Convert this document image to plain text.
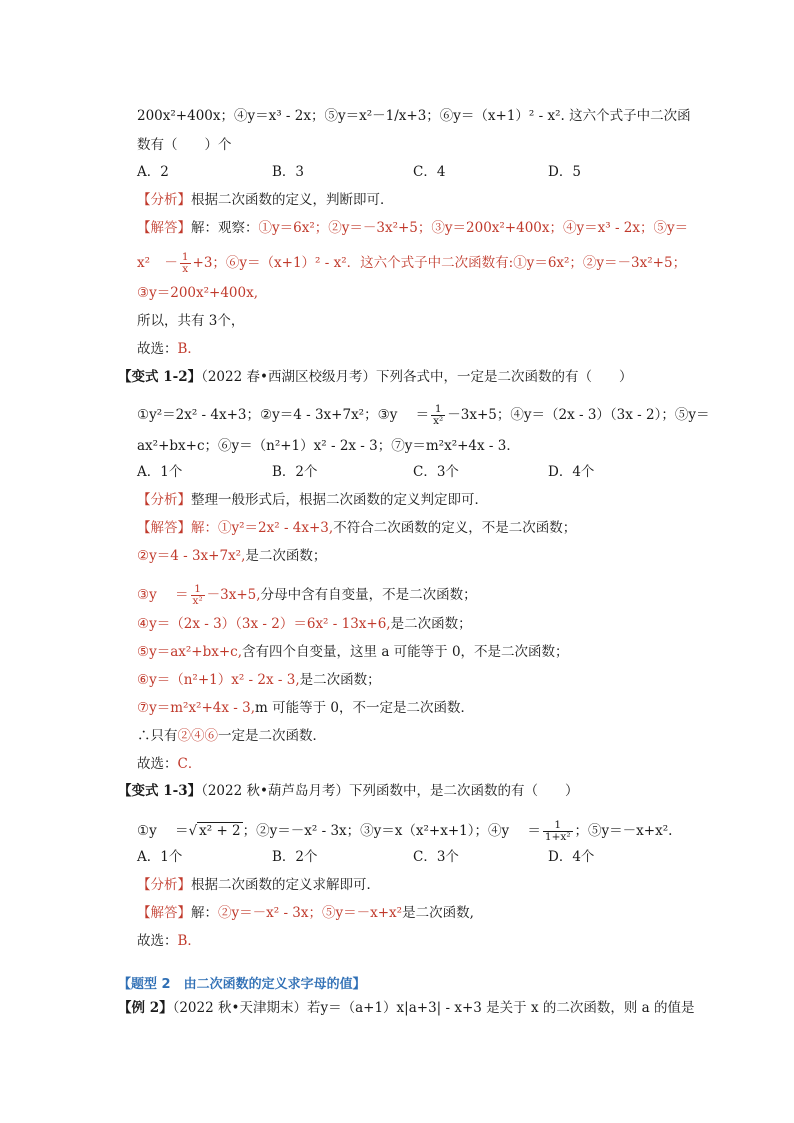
200x²+400x；④y＝x³ - 2x；⑤y＝x²－1/x+3；⑥y＝（x+1）² - x². 这六个式子中二次函
数有（　　）个
A．2	B．3	C．4	D．5
【分析】根据二次函数的定义，判断即可．
【解答】解：观察：①y＝6x²；②y＝－3x²+5；③y＝200x²+400x；④y＝x³ - 2x；⑤y＝
$x^2 - \frac{1}{x} +3$；⑥y＝（x+1）² - x²．这六个式子中二次函数有:①y＝6x²；②y＝－3x²+5；
③y＝200x²+400x,
所以，共有 3个，
故选：B．
【变式 1-2】（2022 春•西湖区校级月考）下列各式中，一定是二次函数的有（　　）
①y²＝2x² - 4x+3；②y＝4 - 3x+7x²；③y ＝ $\frac{1}{\text{x²}} -3x+5$；④y＝（2x - 3）（3x - 2）；⑤y＝
ax²+bx+c；⑥y＝（n²+1）x² - 2x - 3；⑦y＝m²x²+4x - 3．
A．1个	B．2个	C．3个	D．4个
【分析】整理一般形式后，根据二次函数的定义判定即可．
【解答】解：①y²＝2x² - 4x+3,不符合二次函数的定义，不是二次函数；
②y＝4 - 3x+7x²,是二次函数；
③y ＝ $\frac{1}{\text{x²}} -3x+5$,分母中含有自变量，不是二次函数；
④y＝（2x - 3）（3x - 2）＝6x² - 13x+6,是二次函数；
⑤y＝ax²+bx+c,含有四个自变量，这里 a 可能等于 0，不是二次函数；
⑥y＝（n²+1）x² - 2x - 3,是二次函数；
⑦y＝m²x²+4x - 3,m 可能等于 0，不一定是二次函数．
∴只有②④⑥一定是二次函数．
故选：C．
【变式 1-3】（2022 秋•葫芦岛月考）下列函数中，是二次函数的有（　　）
①y ＝√ x² + 2 ；②y＝－x² - 3x；③y＝x（x²+x+1）；④y ＝ $\frac{1}{\text{1+x²}}$ ；⑤y＝－x+x².
A．1个	B．2个	C．3个	D．4个
【分析】根据二次函数的定义求解即可．
【解答】解：②y＝－x² - 3x；⑤y＝－x+x²是二次函数,
故选：B．
【题型 2　由二次函数的定义求字母的值】
【例 2】（2022 秋•天津期末）若y＝（a+1）x|a+3| - x+3 是关于 x 的二次函数，则 a 的值是
